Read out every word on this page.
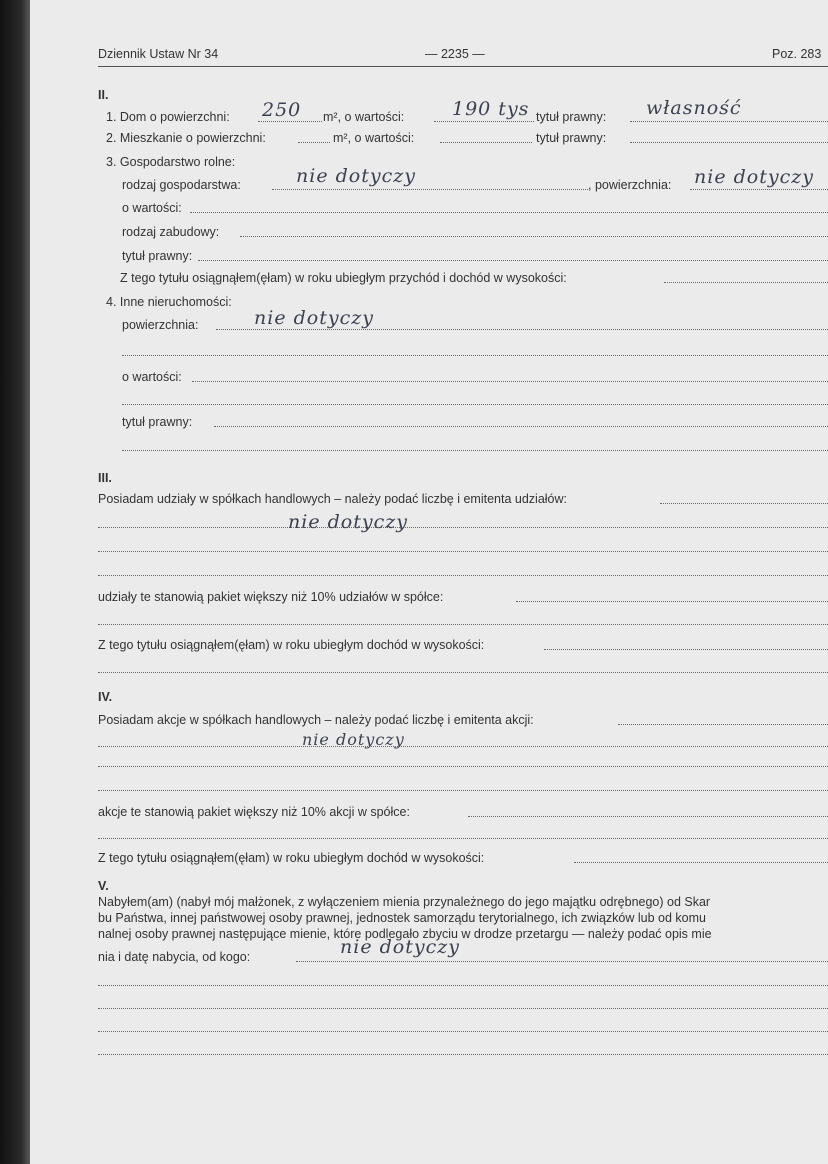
Dziennik Ustaw Nr 34	— 2235 —	Poz. 283
II.
1. Dom o powierzchni: 250 m², o wartości:	190 tys tytuł prawny: własność
2. Mieszkanie o powierzchni:	m², o wartości:	tytuł prawny:
3. Gospodarstwo rolne:
rodzaj gospodarstwa:	nie dotyczy	, powierzchnia: nie dotyczy
o wartości:
rodzaj zabudowy:
tytuł prawny:
Z tego tytułu osiągnąłem(ęłam) w roku ubiegłym przychód i dochód w wysokości:
4. Inne nieruchomości:
powierzchnia:	nie dotyczy
o wartości:
tytuł prawny:
III.
Posiadam udziały w spółkach handlowych – należy podać liczbę i emitenta udziałów:
nie dotyczy
udziały te stanowią pakiet większy niż 10% udziałów w spółce:
Z tego tytułu osiągnąłem(ęłam) w roku ubiegłym dochód w wysokości:
IV.
Posiadam akcje w spółkach handlowych – należy podać liczbę i emitenta akcji:
nie dotyczy
akcje te stanowią pakiet większy niż 10% akcji w spółce:
Z tego tytułu osiągnąłem(ęłam) w roku ubiegłym dochód w wysokości:
V.
Nabyłem(am) (nabył mój małżonek, z wyłączeniem mienia przynależnego do jego majątku odrębnego) od Skar
bu Państwa, innej państwowej osoby prawnej, jednostek samorządu terytorialnego, ich związków lub od komu
nalnej osoby prawnej następujące mienie, które podlegało zbyciu w drodze przetargu — należy podać opis mie
nia i datę nabycia, od kogo:	nie dotyczy
